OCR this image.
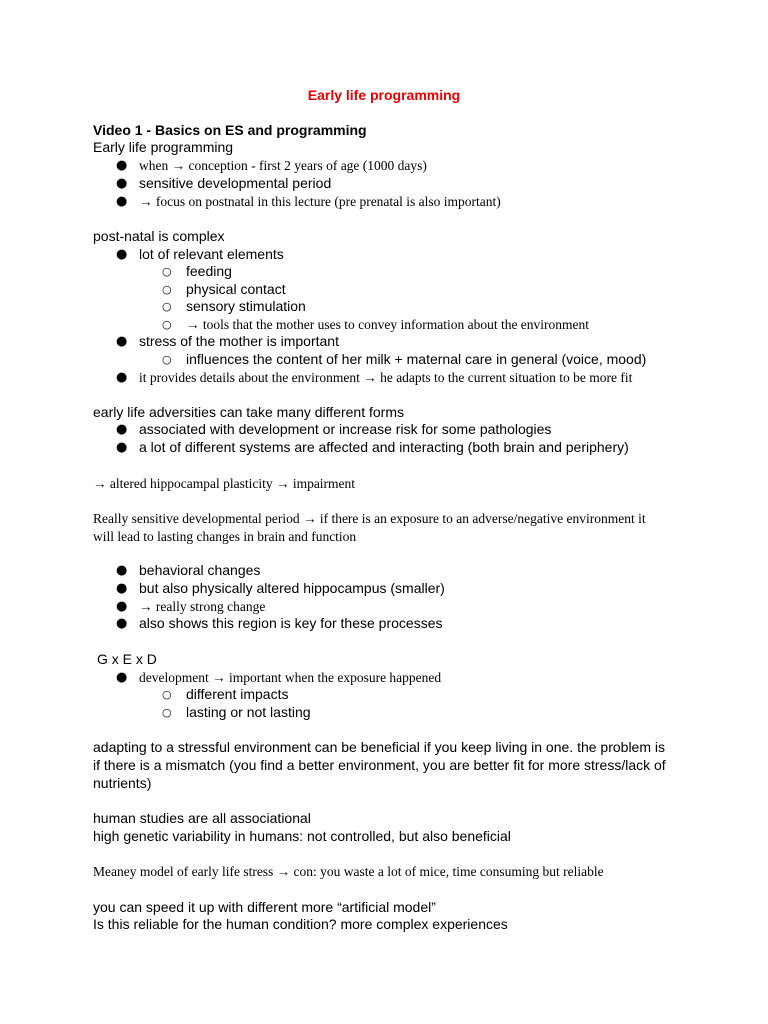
Early life programming
Video 1 - Basics on ES and programming
Early life programming
● when → conception - first 2 years of age (1000 days)
● sensitive developmental period
● → focus on postnatal in this lecture (pre prenatal is also important)
post-natal is complex
● lot of relevant elements
○ feeding
○ physical contact
○ sensory stimulation
○ → tools that the mother uses to convey information about the environment
● stress of the mother is important
○ influences the content of her milk + maternal care in general (voice, mood)
● it provides details about the environment → he adapts to the current situation to be more fit
early life adversities can take many different forms
● associated with development or increase risk for some pathologies
● a lot of different systems are affected and interacting (both brain and periphery)
→ altered hippocampal plasticity → impairment
Really sensitive developmental period → if there is an exposure to an adverse/negative environment it
will lead to lasting changes in brain and function
● behavioral changes
● but also physically altered hippocampus (smaller)
● → really strong change
● also shows this region is key for these processes
G x E x D
● development → important when the exposure happened
○ different impacts
○ lasting or not lasting
adapting to a stressful environment can be beneficial if you keep living in one. the problem is
if there is a mismatch (you find a better environment, you are better fit for more stress/lack of
nutrients)
human studies are all associational
high genetic variability in humans: not controlled, but also beneficial
Meaney model of early life stress → con: you waste a lot of mice, time consuming but reliable
you can speed it up with different more “artificial model”
Is this reliable for the human condition? more complex experiences
